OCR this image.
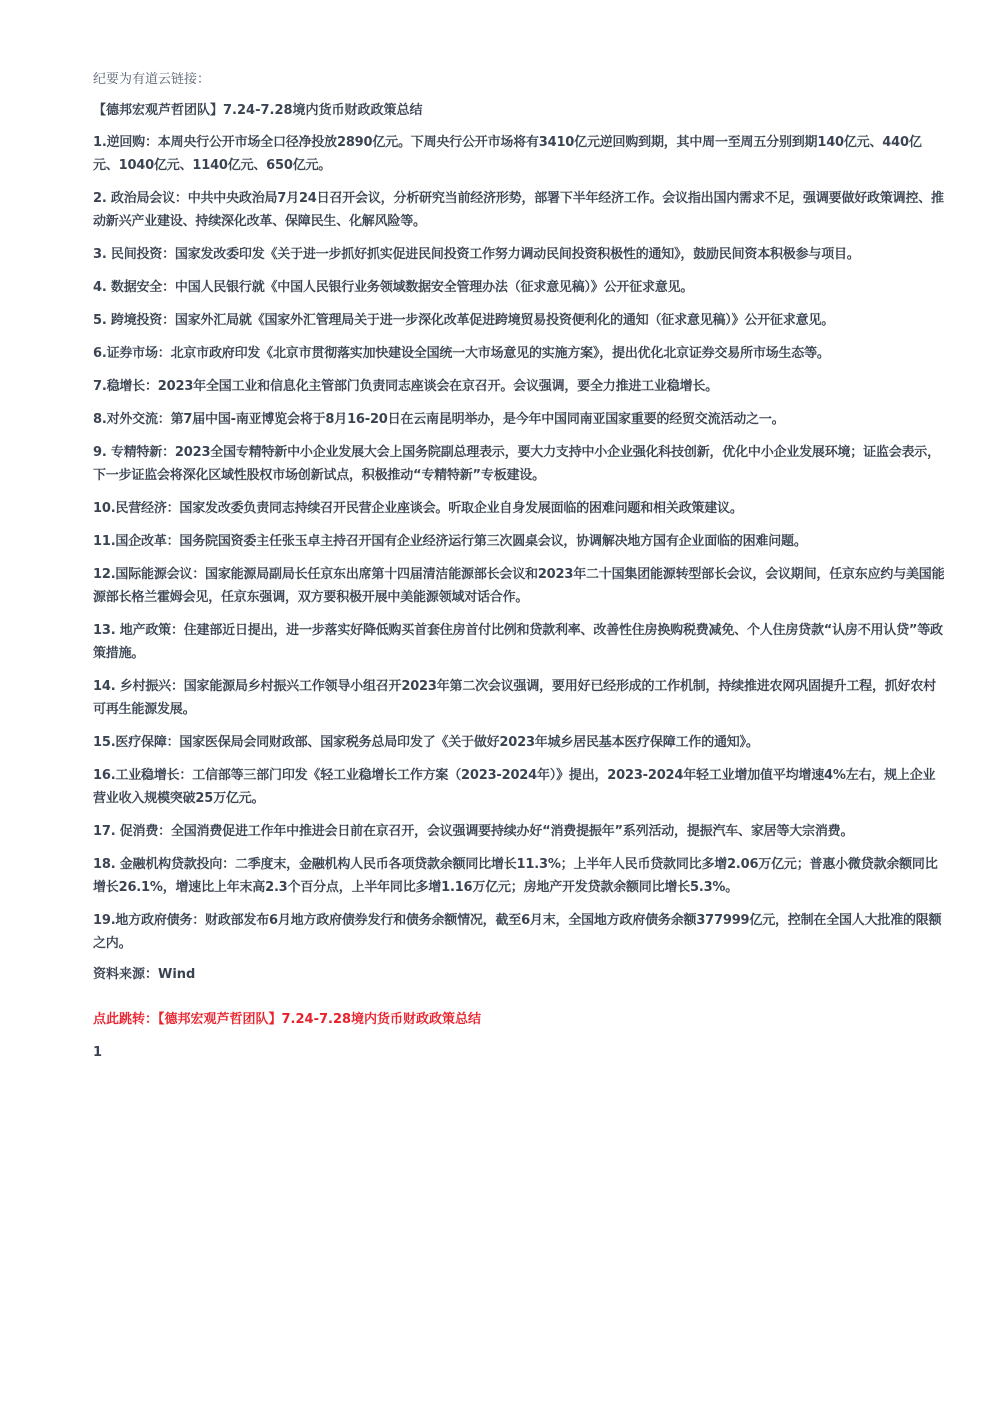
纪要为有道云链接：

【德邦宏观芦哲团队】7.24-7.28境内货币财政政策总结

1.逆回购：本周央行公开市场全口径净投放2890亿元。下周央行公开市场将有3410亿元逆回购到期，其中周一至周五分别到期140亿元、440亿元、1040亿元、1140亿元、650亿元。
2. 政治局会议：中共中央政治局7月24日召开会议，分析研究当前经济形势，部署下半年经济工作。会议指出国内需求不足，强调要做好政策调控、推动新兴产业建设、持续深化改革、保障民生、化解风险等。
3. 民间投资：国家发改委印发《关于进一步抓好抓实促进民间投资工作努力调动民间投资积极性的通知》，鼓励民间资本积极参与项目。
4. 数据安全：中国人民银行就《中国人民银行业务领域数据安全管理办法（征求意见稿）》公开征求意见。
5. 跨境投资：国家外汇局就《国家外汇管理局关于进一步深化改革促进跨境贸易投资便利化的通知（征求意见稿）》公开征求意见。
6.证券市场：北京市政府印发《北京市贯彻落实加快建设全国统一大市场意见的实施方案》，提出优化北京证券交易所市场生态等。
7.稳增长：2023年全国工业和信息化主管部门负责同志座谈会在京召开。会议强调，要全力推进工业稳增长。
8.对外交流：第7届中国-南亚博览会将于8月16-20日在云南昆明举办，是今年中国同南亚国家重要的经贸交流活动之一。
9. 专精特新：2023全国专精特新中小企业发展大会上国务院副总理表示，要大力支持中小企业强化科技创新，优化中小企业发展环境；证监会表示，下一步证监会将深化区域性股权市场创新试点，积极推动“专精特新”专板建设。
10.民营经济：国家发改委负责同志持续召开民营企业座谈会。听取企业自身发展面临的困难问题和相关政策建议。
11.国企改革：国务院国资委主任张玉卓主持召开国有企业经济运行第三次圆桌会议，协调解决地方国有企业面临的困难问题。
12.国际能源会议：国家能源局副局长任京东出席第十四届清洁能源部长会议和2023年二十国集团能源转型部长会议，会议期间，任京东应约与美国能源部长格兰霍姆会见，任京东强调，双方要积极开展中美能源领域对话合作。
13. 地产政策：住建部近日提出，进一步落实好降低购买首套住房首付比例和贷款利率、改善性住房换购税费减免、个人住房贷款“认房不用认贷”等政策措施。
14. 乡村振兴：国家能源局乡村振兴工作领导小组召开2023年第二次会议强调，要用好已经形成的工作机制，持续推进农网巩固提升工程，抓好农村可再生能源发展。
15.医疗保障：国家医保局会同财政部、国家税务总局印发了《关于做好2023年城乡居民基本医疗保障工作的通知》。
16.工业稳增长：工信部等三部门印发《轻工业稳增长工作方案（2023-2024年）》提出，2023-2024年轻工业增加值平均增速4%左右，规上企业营业收入规模突破25万亿元。
17. 促消费：全国消费促进工作年中推进会日前在京召开，会议强调要持续办好“消费提振年”系列活动，提振汽车、家居等大宗消费。
18. 金融机构贷款投向：二季度末，金融机构人民币各项贷款余额同比增长11.3%；上半年人民币贷款同比多增2.06万亿元；普惠小微贷款余额同比增长26.1%，增速比上年末高2.3个百分点，上半年同比多增1.16万亿元；房地产开发贷款余额同比增长5.3%。
19.地方政府债务：财政部发布6月地方政府债券发行和债务余额情况，截至6月末，全国地方政府债务余额377999亿元，控制在全国人大批准的限额之内。

资料来源：Wind

点此跳转：【德邦宏观芦哲团队】7.24-7.28境内货币财政政策总结

1
